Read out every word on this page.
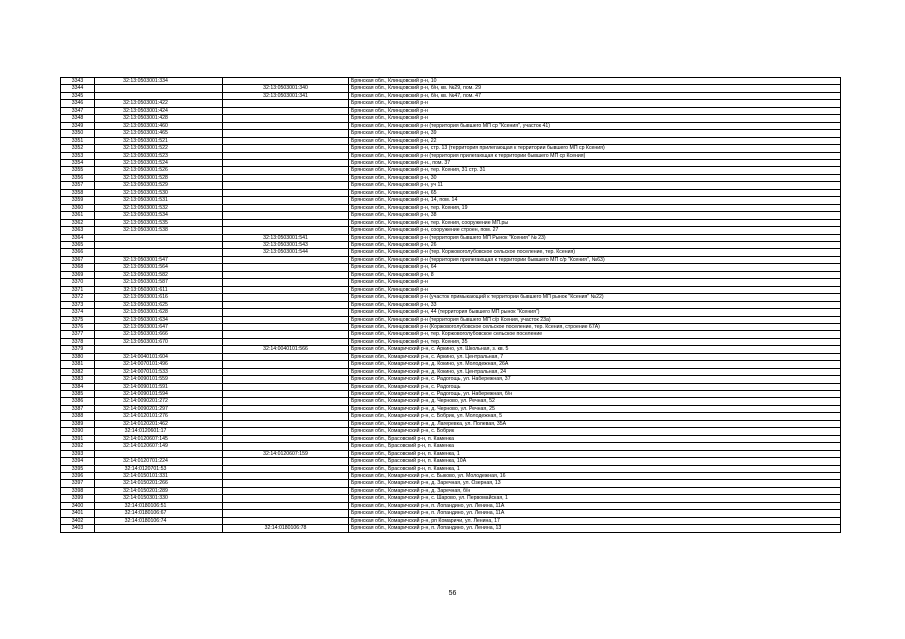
3343	32:13:0503001:334		Брянская обл., Клинцовский р-н, 10
3344		32:13:0503001:340	Брянская обл., Клинцовский р-н, б/н, кв. №29, пом. 29
3345		32:13:0503001:341	Брянская обл., Клинцовский р-н, б/н, кв. №47, пом. 47
3346	32:13:0503001:422		Брянская обл., Клинцовский р-н
3347	32:13:0503001:424		Брянская обл., Клинцовский р-н
3348	32:13:0503001:428		Брянская обл., Клинцовский р-н
3349	32:13:0503001:460		Брянская обл., Клинцовский р-н (территория бывшего МП ср "Ксения", участок 41)
3350	32:13:0503001:465		Брянская обл., Клинцовский р-н, 39
3351	32:13:0503001:521		Брянская обл., Клинцовский р-н, 22
3352	32:13:0503001:522		Брянская обл., Клинцовский р-н, стр. 13 (территория прилегающая к территории бывшего МП ср Ксения)
3353	32:13:0503001:523		Брянская обл., Клинцовский р-н (территория прилегающая к территории бывшего МП ср Ксения)
3354	32:13:0503001:524		Брянская обл., Клинцовский р-н., пом. 37
3355	32:13:0503001:526		Брянская обл., Клинцовский р-н, тер. Ксения, 31 стр. 31
3356	32:13:0503001:528		Брянская обл., Клинцовский р-н, 30
3357	32:13:0503001:529		Брянская обл., Клинцовский р-н, уч 11
3358	32:13:0503001:530		Брянская обл., Клинцовский р-н, 65
3359	32:13:0503001:531		Брянская обл., Клинцовский р-н, 14, пом. 14
3360	32:13:0503001:532		Брянская обл., Клинцовский р-н, тер. Ксения, 19
3361	32:13:0503001:534		Брянская обл., Клинцовский р-н, 38
3362	32:13:0503001:535		Брянская обл., Клинцовский р-н, тер. Ксения, сооружение МП.ры
3363	32:13:0503001:538		Брянская обл., Клинцовский р-н, сооружение строен, пом. 27
3364		32:13:0503001:541	Брянская обл., Клинцовский р-н (территория бывшего МП Рынок "Ксения" № 23)
3365		32:13:0503001:543	Брянская обл., Клинцовский р-н, 26
3366		32:13:0503001:544	Брянская обл., Клинцовский р-н (тер. Коржовоголубовское сельское поселение, тер. Ксения)
3367	32:13:0503001:547		Брянская обл., Клинцовский р-н (территория прилегающая к территории бывшего МП с/р "Ксения", №63)
3368	32:13:0503001:564		Брянская обл., Клинцовский р-н, 64
3369	32:13:0503001:582		Брянская обл., Клинцовский р-н, 8
3370	32:13:0503001:587		Брянская обл., Клинцовский р-н
3371	32:13:0503001:611		Брянская обл., Клинцовский р-н
3372	32:13:0503001:616		Брянская обл., Клинцовский р-н (участок примыкающий к территории бывшего МП рынок "Ксения" №22)
3373	32:13:0503001:625		Брянская обл., Клинцовский р-н, 33
3374	32:13:0503001:628		Брянская обл., Клинцовский р-н, 44 (территория бывшего МП рынок "Ксения")
3375	32:13:0503001:634		Брянская обл., Клинцовский р-н (территория бывшего МП с/р Ксения, участок 23а)
3376	32:13:0503001:647		Брянская обл., Клинцовский р-н (Коржовоголубовское сельское поселение, тер. Ксения, строение 67А)
3377	32:13:0503001:666		Брянская обл., Клинцовский р-н, тер. Коржовоголубовское сельское поселение
3378	32:13:0503001:670		Брянская обл., Клинцовский р-н, тер. Ксения, 35
3379		32:14:0040101:566	Брянская обл., Комаричский р-н, с. Аркино, ул. Школьная, з. кв. 5
3380	32:14:0040101:604		Брянская обл., Комаричский р-н, с. Аркино, ул. Центральная, 7
3381	32:14:0070101:496		Брянская обл., Комаричский р-н, д. Кокино, ул. Молодежная, 26А
3382	32:14:0070101:533		Брянская обл., Комаричский р-н, д. Кокино, ул. Центральная, 24
3383	32:14:0090101:559		Брянская обл., Комаричский р-н, с. Радогощь, ул. Набережная, 37
3384	32:14:0090101:591		Брянская обл., Комаричский р-н, с. Радогощь
3385	32:14:0090101:594		Брянская обл., Комаричский р-н, с. Радогощь, ул. Набережная, б/н
3386	32:14:0090201:272		Брянская обл., Комаричский р-н, д. Черново, ул. Речная, 52
3387	32:14:0090201:297		Брянская обл., Комаричский р-н, д. Черново, ул. Речная, 25
3388	32:14:0120101:276		Брянская обл., Комаричский р-н, с. Бобрик, ул. Молодежная, 5
3389	32:14:0120201:462		Брянская обл., Комаричский р-н, д. Лагеревка, ул. Полевая, 35А
3390	32:14:0120601:17		Брянская обл., Комаричский р-н, с. Бобрик
3391	32:14:0120607:145		Брянская обл., Брасовский р-н, п. Каменка
3392	32:14:0120607:149		Брянская обл., Брасовский р-н, п. Каменка
3393		32:14:0120607:159	Брянская обл., Брасовский р-н, п. Каменка, 1
3394	32:14:0120701:224		Брянская обл., Брасовский р-н, п. Каменка, 10А
3395	32:14:0120701:53		Брянская обл., Брасовский р-н, п. Каменка, 1
3396	32:14:0150101:331		Брянская обл., Комаричский р-н, с. Быково, ул. Молодежная, 16
3397	32:14:0150201:266		Брянская обл., Комаричский р-н, д. Заречная, ул. Озерная, 13
3398	32:14:0150201:289		Брянская обл., Комаричский р-н, д. Заречная, б/н
3399	32:14:0150301:330		Брянская обл., Комаричский р-н, с. Шарово, ул. Первомайская, 1
3400	32:14:0180106:51		Брянская обл., Комаричский р-н, п. Лопандино, ул. Ленина, 11А
3401	32:14:0180106:67		Брянская обл., Комаричский р-н, п. Лопандино, ул. Ленина, 11А
3402	32:14:0180106:74		Брянская обл., Комаричский р-н, рп Комаричи, ул. Ленина, 17
3403		32:14:0180106:78	Брянская обл., Комаричский р-н, п. Лопандино, ул. Ленина, 13
56
